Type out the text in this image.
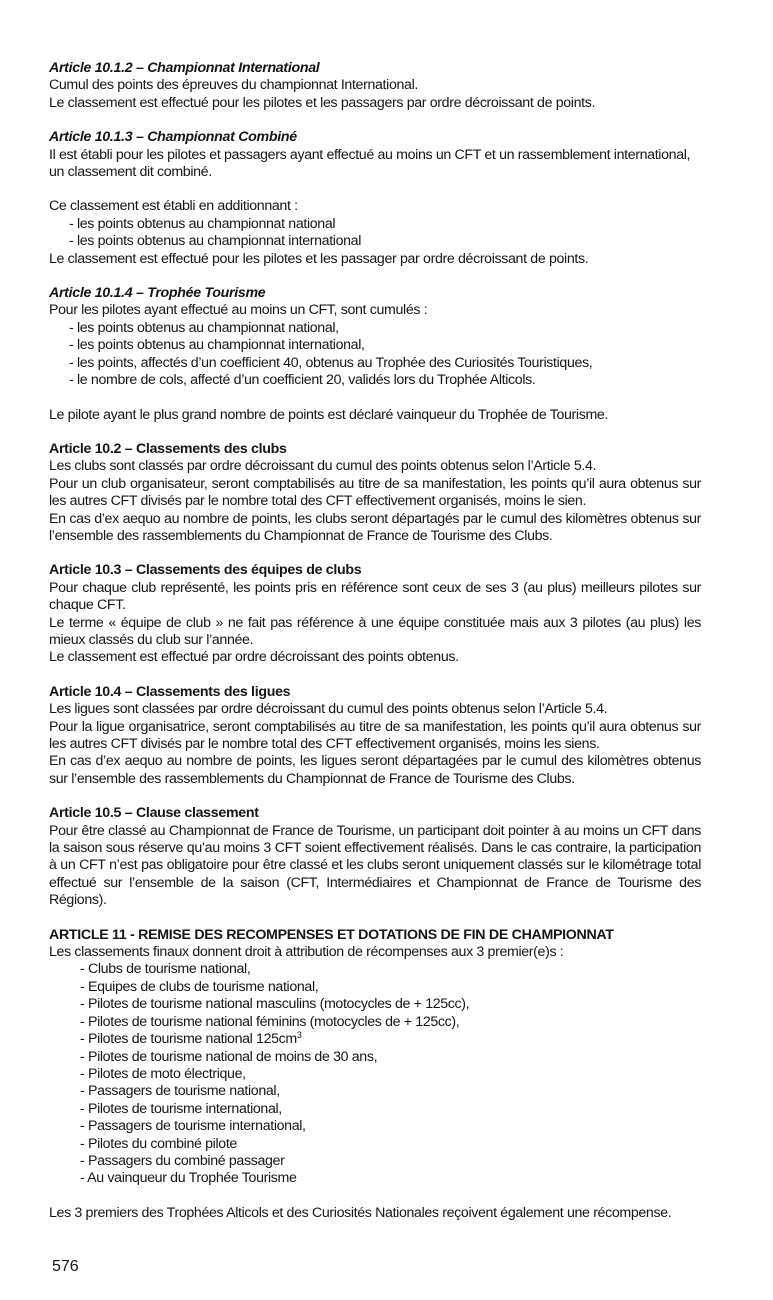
Article 10.1.2 – Championnat International

Cumul des points des épreuves du championnat International.

Le classement est effectué pour les pilotes et les passagers par ordre décroissant de points.

Article 10.1.3 – Championnat Combiné

Il est établi pour les pilotes et passagers ayant effectué au moins un CFT et un rassemblement international, un classement dit combiné.

Ce classement est établi en additionnant :

- les points obtenus au championnat national

- les points obtenus au championnat international

Le classement est effectué pour les pilotes et les passager par ordre décroissant de points.

Article 10.1.4 – Trophée Tourisme

Pour les pilotes ayant effectué au moins un CFT, sont cumulés :

- les points obtenus au championnat national,

- les points obtenus au championnat international,

- les points, affectés d’un coefficient 40, obtenus au Trophée des Curiosités Touristiques,

- le nombre de cols, affecté d’un coefficient 20, validés lors du Trophée Alticols.

Le pilote ayant le plus grand nombre de points est déclaré vainqueur du Trophée de Tourisme.

Article 10.2 – Classements des clubs

Les clubs sont classés par ordre décroissant du cumul des points obtenus selon l’Article 5.4.

Pour un club organisateur, seront comptabilisés au titre de sa manifestation, les points qu’il aura obtenus sur les autres CFT divisés par le nombre total des CFT effectivement organisés, moins le sien.

En cas d’ex aequo au nombre de points, les clubs seront départagés par le cumul des kilomètres obtenus sur l’ensemble des rassemblements du Championnat de France de Tourisme des Clubs.

Article 10.3 – Classements des équipes de clubs

Pour chaque club représenté, les points pris en référence sont ceux de ses 3 (au plus) meilleurs pilotes sur chaque CFT.

Le terme « équipe de club » ne fait pas référence à une équipe constituée mais aux 3 pilotes (au plus) les mieux classés du club sur l’année.

Le classement est effectué par ordre décroissant des points obtenus.

Article 10.4 – Classements des ligues

Les ligues sont classées par ordre décroissant du cumul des points obtenus selon l’Article 5.4.

Pour la ligue organisatrice, seront comptabilisés au titre de sa manifestation, les points qu’il aura obtenus sur les autres CFT divisés par le nombre total des CFT effectivement organisés, moins les siens.

En cas d’ex aequo au nombre de points, les ligues seront départagées par le cumul des kilomètres obtenus sur l’ensemble des rassemblements du Championnat de France de Tourisme des Clubs.

Article 10.5 – Clause classement

Pour être classé au Championnat de France de Tourisme, un participant doit pointer à au moins un CFT dans la saison sous réserve qu’au moins 3 CFT soient effectivement réalisés. Dans le cas contraire, la participation à un CFT n’est pas obligatoire pour être classé et les clubs seront uniquement classés sur le kilométrage total effectué sur l’ensemble de la saison (CFT, Intermédiaires et Championnat de France de Tourisme des Régions).

ARTICLE 11 - REMISE DES RECOMPENSES ET DOTATIONS DE FIN DE CHAMPIONNAT

Les classements finaux donnent droit à attribution de récompenses aux 3 premier(e)s :

- Clubs de tourisme national,

- Equipes de clubs de tourisme national,

- Pilotes de tourisme national masculins (motocycles de + 125cc),

- Pilotes de tourisme national féminins (motocycles de + 125cc),

- Pilotes de tourisme national $125cm^3$

- Pilotes de tourisme national de moins de 30 ans,

- Pilotes de moto électrique,

- Passagers de tourisme national,

- Pilotes de tourisme international,

- Passagers de tourisme international,

- Pilotes du combiné pilote

- Passagers du combiné passager

- Au vainqueur du Trophée Tourisme

Les 3 premiers des Trophées Alticols et des Curiosités Nationales reçoivent également une récompense.

576
